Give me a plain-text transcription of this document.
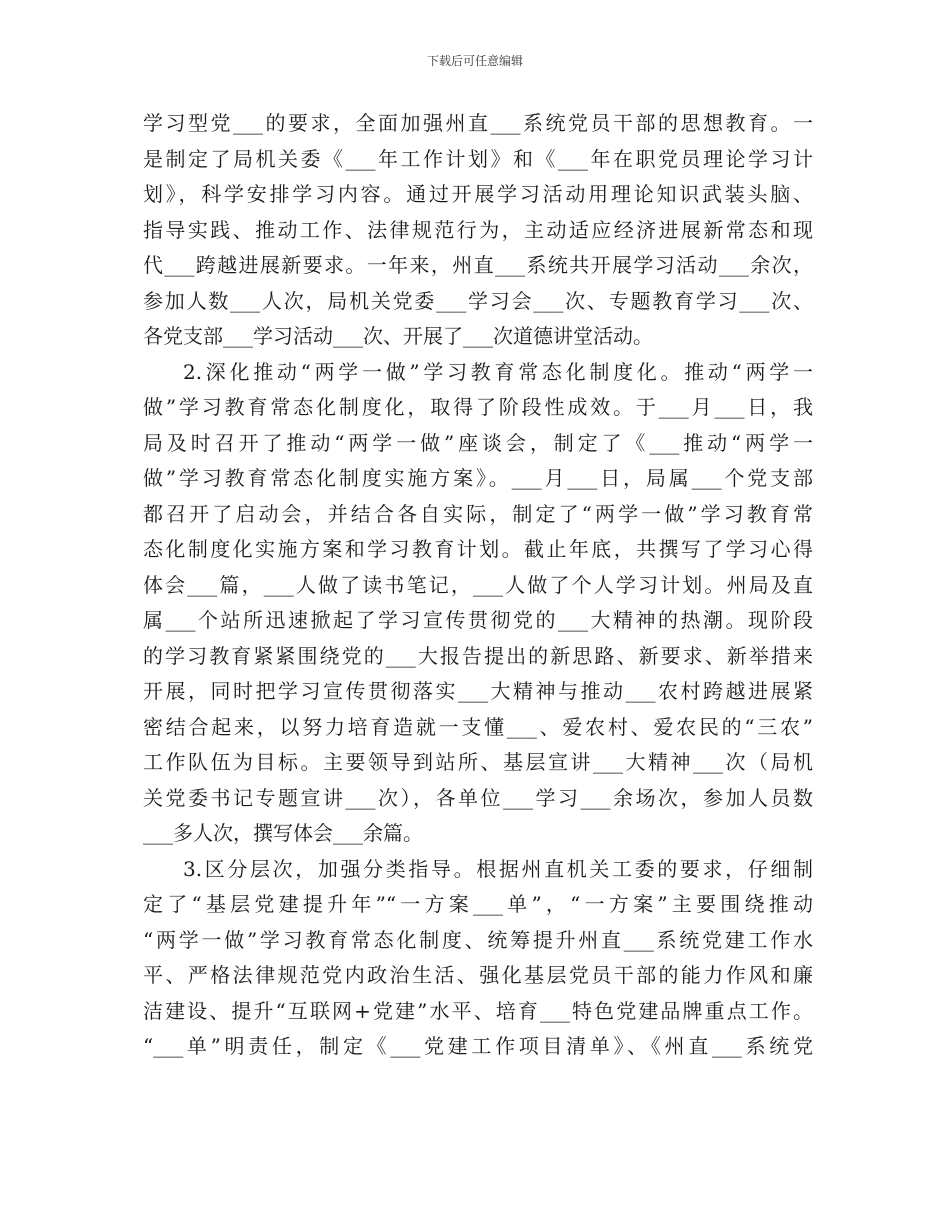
下载后可任意编辑
学习型党___的要求，全面加强州直___系统党员干部的思想教育。一
是制定了局机关委《___年工作计划》和《___年在职党员理论学习计
划》，科学安排学习内容。通过开展学习活动用理论知识武装头脑、
指导实践、推动工作、法律规范行为，主动适应经济进展新常态和现
代___跨越进展新要求。一年来，州直___系统共开展学习活动___余次，
参加人数___人次，局机关党委___学习会___次、专题教育学习___次、
各党支部___学习活动___次、开展了___次道德讲堂活动。
2.深化推动“两学一做”学习教育常态化制度化。推动“两学一
做”学习教育常态化制度化，取得了阶段性成效。于___月___日，我
局及时召开了推动“两学一做”座谈会，制定了《___推动“两学一
做”学习教育常态化制度实施方案》。___月___日，局属___个党支部
都召开了启动会，并结合各自实际，制定了“两学一做”学习教育常
态化制度化实施方案和学习教育计划。截止年底，共撰写了学习心得
体会___篇，___人做了读书笔记，___人做了个人学习计划。州局及直
属___个站所迅速掀起了学习宣传贯彻党的___大精神的热潮。现阶段
的学习教育紧紧围绕党的___大报告提出的新思路、新要求、新举措来
开展，同时把学习宣传贯彻落实___大精神与推动___农村跨越进展紧
密结合起来，以努力培育造就一支懂___、爱农村、爱农民的“三农”
工作队伍为目标。主要领导到站所、基层宣讲___大精神___次（局机
关党委书记专题宣讲___次），各单位___学习___余场次，参加人员数
___多人次，撰写体会___余篇。
3.区分层次，加强分类指导。根据州直机关工委的要求，仔细制
定了“基层党建提升年”“一方案___单”，“一方案”主要围绕推动
“两学一做”学习教育常态化制度、统筹提升州直___系统党建工作水
平、严格法律规范党内政治生活、强化基层党员干部的能力作风和廉
洁建设、提升“互联网+党建”水平、培育___特色党建品牌重点工作。
“___单”明责任，制定《___党建工作项目清单》、《州直___系统党
